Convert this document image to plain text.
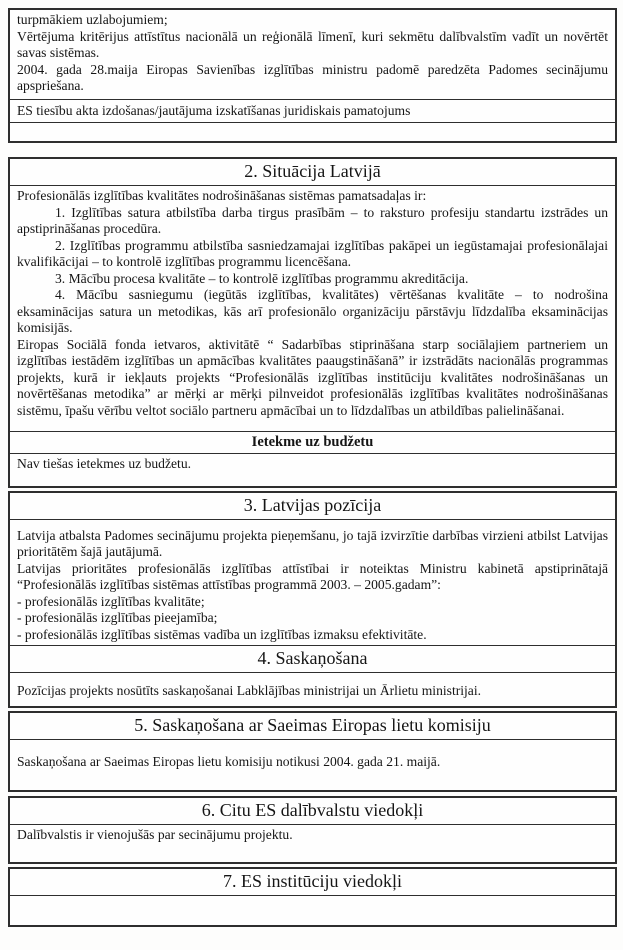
turpmākiem uzlabojumiem;

Vērtējuma kritērijus attīstītus nacionālā un reģionālā līmenī, kuri sekmētu dalībvalstīm vadīt un novērtēt savas sistēmas.

2004. gada 28.maija Eiropas Savienības izglītības ministru padomē paredzēta Padomes secinājumu apspriešana.

ES tiesību akta izdošanas/jautājuma izskatīšanas juridiskais pamatojums
2. Situācija Latvijā

Profesionālās izglītības kvalitātes nodrošināšanas sistēmas pamatsadaļas ir:

1. Izglītības satura atbilstība darba tirgus prasībām – to raksturo profesiju standartu izstrādes un apstiprināšanas procedūra.

2. Izglītības programmu atbilstība sasniedzamajai izglītības pakāpei un iegūstamajai profesionālajai kvalifikācijai – to kontrolē izglītības programmu licencēšana.

3. Mācību procesa kvalitāte – to kontrolē izglītības programmu akreditācija.

4. Mācību sasniegumu (iegūtās izglītības, kvalitātes) vērtēšanas kvalitāte – to nodrošina eksaminācijas satura un metodikas, kās arī profesionālo organizāciju pārstāvju līdzdalība eksaminācijas komisijās.

Eiropas Sociālā fonda ietvaros, aktivitātē “ Sadarbības stiprināšana starp sociālajiem partneriem un izglītības iestādēm izglītības un apmācības kvalitātes paaugstināšanā” ir izstrādāts nacionālās programmas projekts, kurā ir iekļauts projekts “Profesionālās izglītības institūciju kvalitātes nodrošināšanas un novērtēšanas metodika” ar mērķi ar mērķi pilnveidot profesionālās izglītības kvalitātes nodrošināšanas sistēmu, īpašu vērību veltot sociālo partneru apmācībai un to līdzdalības un atbildības palielināšanai.

Ietekme uz budžetu
Nav tiešas ietekmes uz budžetu.
3. Latvijas pozīcija

Latvija atbalsta Padomes secinājumu projekta pieņemšanu, jo tajā izvirzītie darbības virzieni atbilst Latvijas prioritātēm šajā jautājumā.

Latvijas prioritātes profesionālās izglītības attīstībai ir noteiktas Ministru kabinetā apstiprinātajā “Profesionālās izglītības sistēmas attīstības programmā 2003. – 2005.gadam”:

- profesionālās izglītības kvalitāte;

- profesionālās izglītības pieejamība;

- profesionālās izglītības sistēmas vadība un izglītības izmaksu efektivitāte.

4. Saskaņošana
Pozīcijas projekts nosūtīts saskaņošanai Labklājības ministrijai un Ārlietu ministrijai.
5. Saskaņošana ar Saeimas Eiropas lietu komisiju
Saskaņošana ar Saeimas Eiropas lietu komisiju notikusi 2004. gada 21. maijā.
6. Citu ES dalībvalstu viedokļi
Dalībvalstis ir vienojušās par secinājumu projektu.
7. ES institūciju viedokļi
